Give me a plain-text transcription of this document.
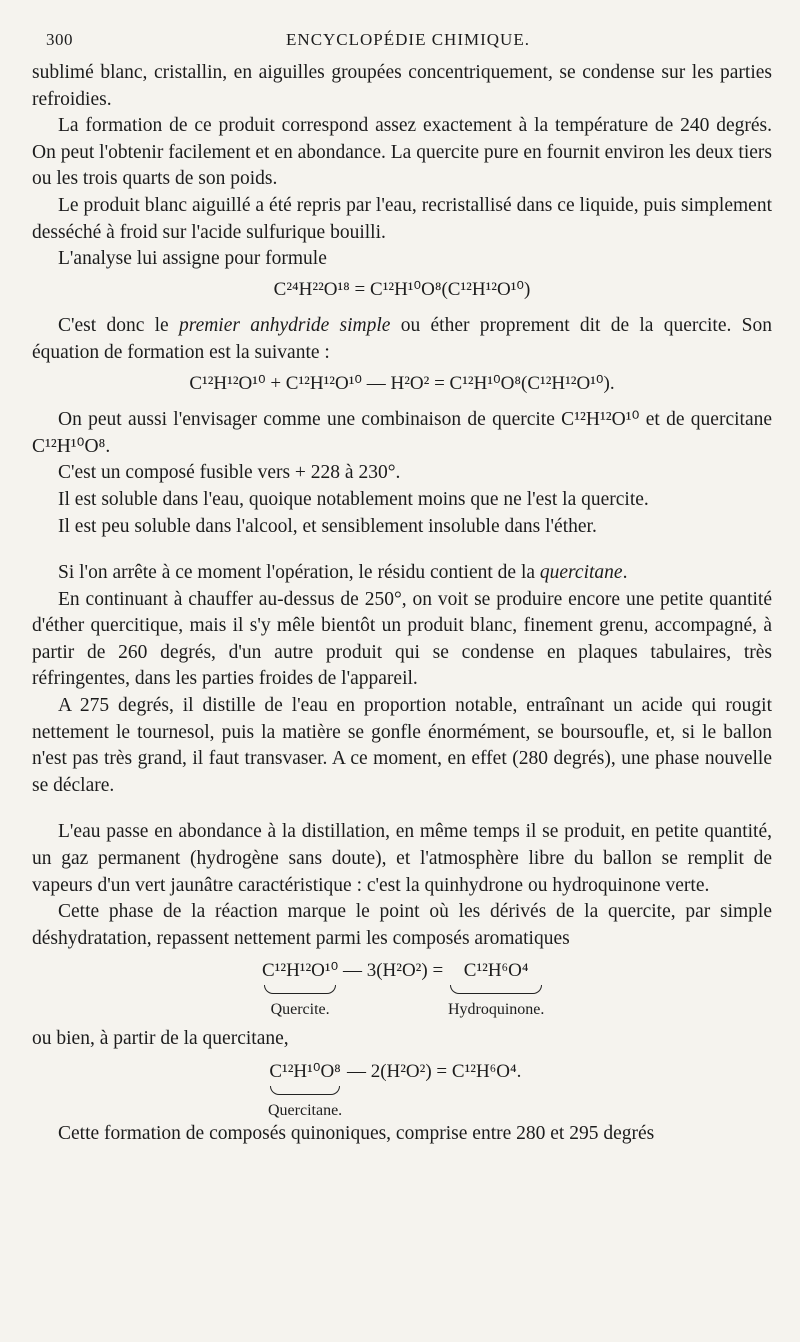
300	ENCYCLOPÉDIE CHIMIQUE.

sublimé blanc, cristallin, en aiguilles groupées concentriquement, se condense sur les parties refroidies.

La formation de ce produit correspond assez exactement à la température de 240 degrés. On peut l'obtenir facilement et en abondance. La quercite pure en fournit environ les deux tiers ou les trois quarts de son poids.

Le produit blanc aiguillé a été repris par l'eau, recristallisé dans ce liquide, puis simplement desséché à froid sur l'acide sulfurique bouilli.

L'analyse lui assigne pour formule

C²⁴H²²O¹⁸ = C¹²H¹⁰O⁸(C¹²H¹²O¹⁰)

C'est donc le premier anhydride simple ou éther proprement dit de la quercite. Son équation de formation est la suivante :

C¹²H¹²O¹⁰ + C¹²H¹²O¹⁰ — H²O² = C¹²H¹⁰O⁸(C¹²H¹²O¹⁰).

On peut aussi l'envisager comme une combinaison de quercite C¹²H¹²O¹⁰ et de quercitane C¹²H¹⁰O⁸.

C'est un composé fusible vers + 228 à 230°.

Il est soluble dans l'eau, quoique notablement moins que ne l'est la quercite.

Il est peu soluble dans l'alcool, et sensiblement insoluble dans l'éther.

Si l'on arrête à ce moment l'opération, le résidu contient de la quercitane.

En continuant à chauffer au-dessus de 250°, on voit se produire encore une petite quantité d'éther quercitique, mais il s'y mêle bientôt un produit blanc, finement grenu, accompagné, à partir de 260 degrés, d'un autre produit qui se condense en plaques tabulaires, très réfringentes, dans les parties froides de l'appareil.

A 275 degrés, il distille de l'eau en proportion notable, entraînant un acide qui rougit nettement le tournesol, puis la matière se gonfle énormément, se boursoufle, et, si le ballon n'est pas très grand, il faut transvaser. A ce moment, en effet (280 degrés), une phase nouvelle se déclare.

L'eau passe en abondance à la distillation, en même temps il se produit, en petite quantité, un gaz permanent (hydrogène sans doute), et l'atmosphère libre du ballon se remplit de vapeurs d'un vert jaunâtre caractéristique : c'est la quinhydrone ou hydroquinone verte.

Cette phase de la réaction marque le point où les dérivés de la quercite, par simple déshydratation, repassent nettement parmi les composés aromatiques

C¹²H¹²O¹⁰
Quercite.
— 3(H²O²) = C¹²H⁶O⁴
Hydroquinone.

ou bien, à partir de la quercitane,

C¹²H¹⁰O⁸
Quercitane.
— 2(H²O²) = C¹²H⁶O⁴.

Cette formation de composés quinoniques, comprise entre 280 et 295 degrés
